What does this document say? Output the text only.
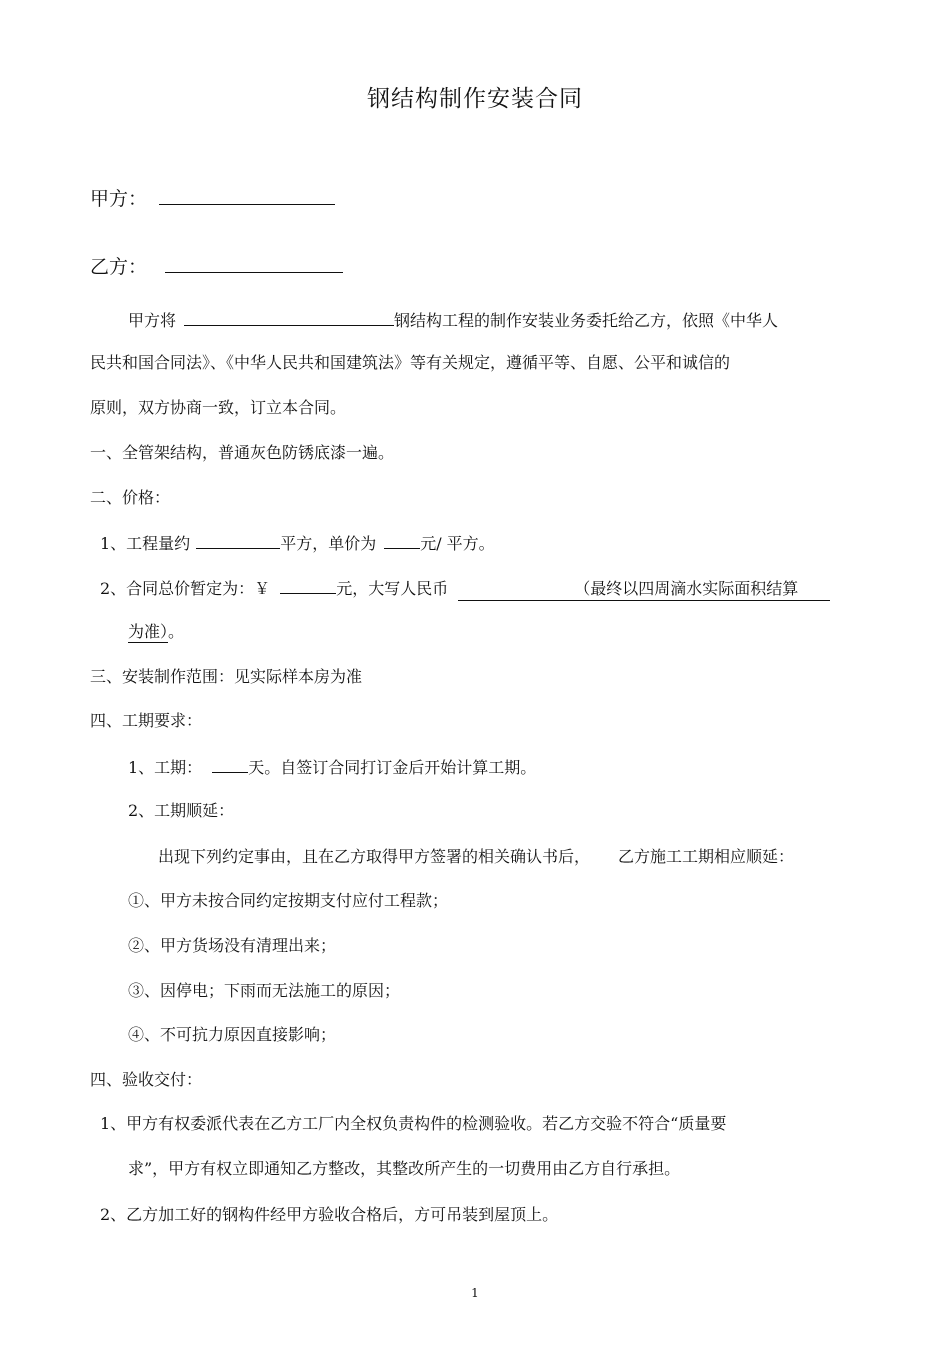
钢结构制作安装合同
甲方：
乙方：
甲方将	钢结构工程的制作安装业务委托给乙方，依照《中华人
民共和国合同法》、《中华人民共和国建筑法》等有关规定，遵循平等、自愿、公平和诚信的
原则，双方协商一致，订立本合同。
一、全管架结构，普通灰色防锈底漆一遍。
二、价格：
1、工程量约	平方，单价为	元/ 平方。
2、合同总价暂定为：￥	元，大写人民币	（最终以四周滴水实际面积结算
为准）。
三、安装制作范围：见实际样本房为准
四、工期要求：
1、工期：	天。自签订合同打订金后开始计算工期。
2、工期顺延：
出现下列约定事由，且在乙方取得甲方签署的相关确认书后， 乙方施工工期相应顺延：
①、甲方未按合同约定按期支付应付工程款；
②、甲方货场没有清理出来；
③、因停电；下雨而无法施工的原因；
④、不可抗力原因直接影响；
四、验收交付：
1、甲方有权委派代表在乙方工厂内全权负责构件的检测验收。若乙方交验不符合“质量要
求”，甲方有权立即通知乙方整改，其整改所产生的一切费用由乙方自行承担。
2、乙方加工好的钢构件经甲方验收合格后，方可吊装到屋顶上。
1
